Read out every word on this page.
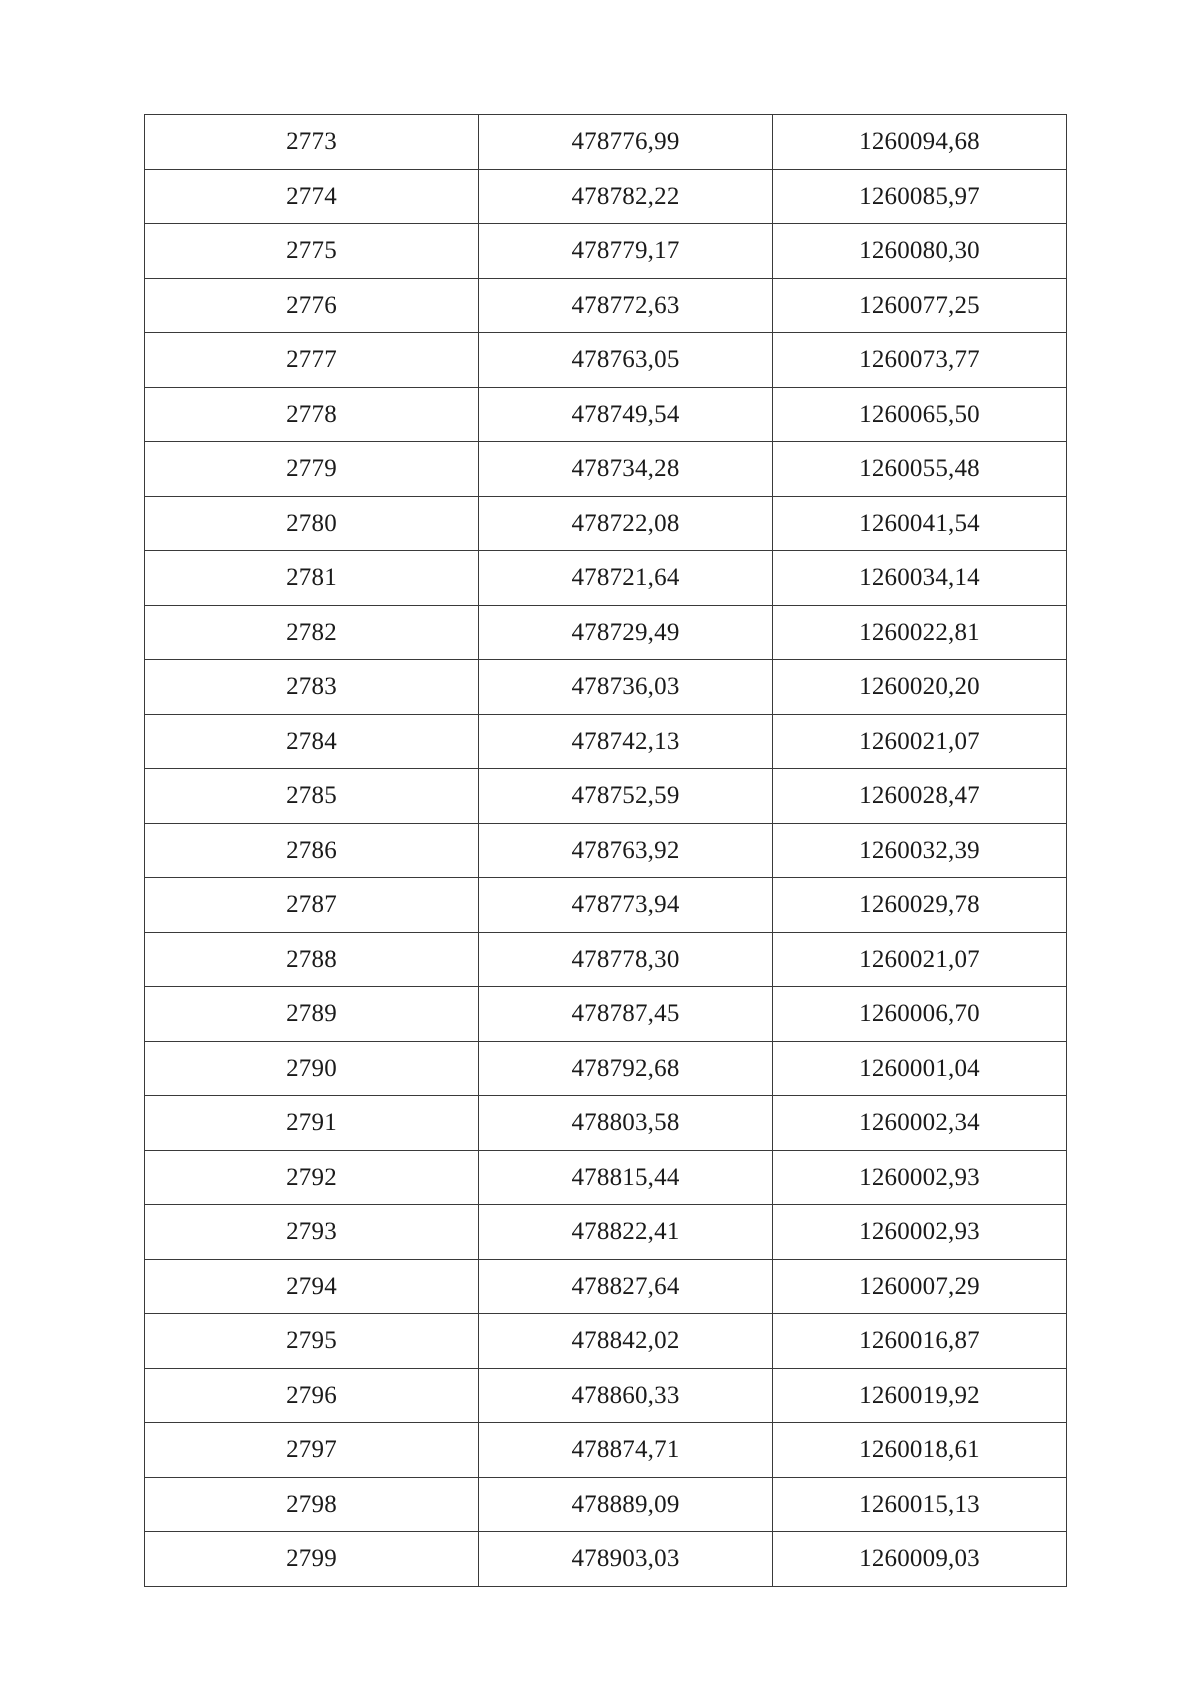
2773	478776,99	1260094,68
2774	478782,22	1260085,97
2775	478779,17	1260080,30
2776	478772,63	1260077,25
2777	478763,05	1260073,77
2778	478749,54	1260065,50
2779	478734,28	1260055,48
2780	478722,08	1260041,54
2781	478721,64	1260034,14
2782	478729,49	1260022,81
2783	478736,03	1260020,20
2784	478742,13	1260021,07
2785	478752,59	1260028,47
2786	478763,92	1260032,39
2787	478773,94	1260029,78
2788	478778,30	1260021,07
2789	478787,45	1260006,70
2790	478792,68	1260001,04
2791	478803,58	1260002,34
2792	478815,44	1260002,93
2793	478822,41	1260002,93
2794	478827,64	1260007,29
2795	478842,02	1260016,87
2796	478860,33	1260019,92
2797	478874,71	1260018,61
2798	478889,09	1260015,13
2799	478903,03	1260009,03
